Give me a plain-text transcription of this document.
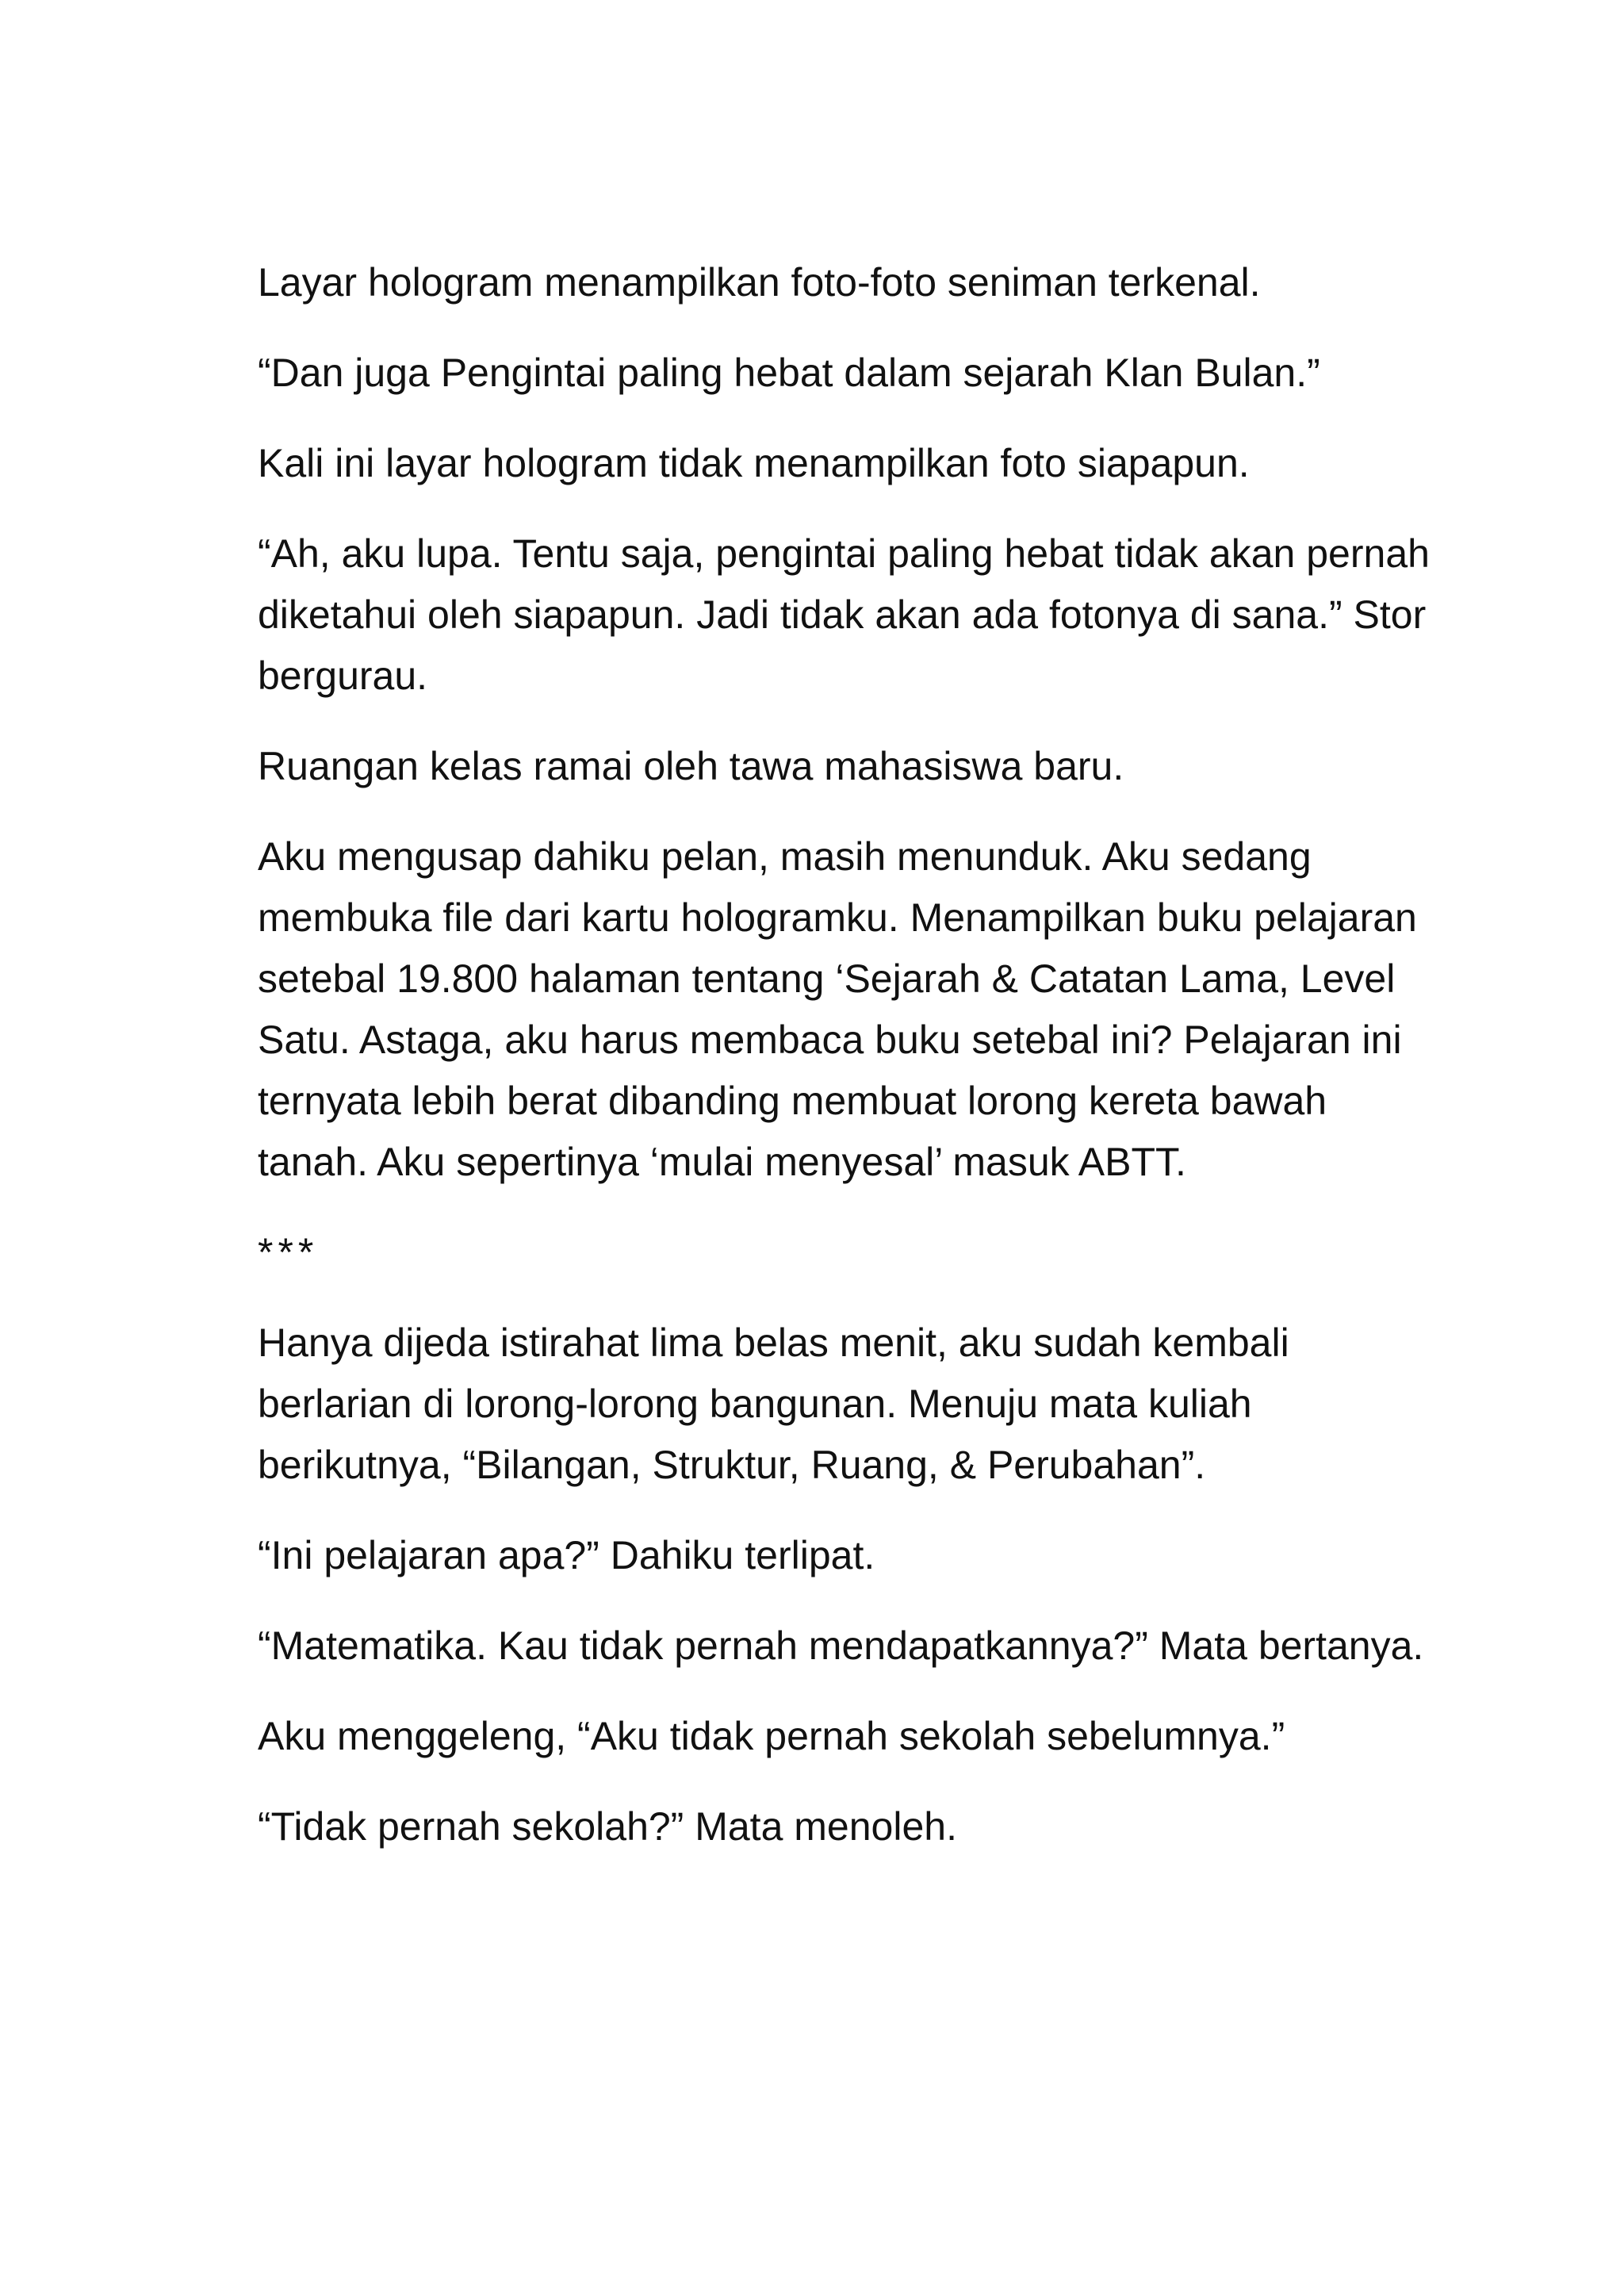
Layar hologram menampilkan foto-foto seniman terkenal.

“Dan juga Pengintai paling hebat dalam sejarah Klan Bulan.”

Kali ini layar hologram tidak menampilkan foto siapapun.

“Ah, aku lupa. Tentu saja, pengintai paling hebat tidak akan pernah diketahui oleh siapapun. Jadi tidak akan ada fotonya di sana.” Stor bergurau.

Ruangan kelas ramai oleh tawa mahasiswa baru.

Aku mengusap dahiku pelan, masih menunduk. Aku sedang membuka file dari kartu hologramku. Menampilkan buku pelajaran setebal 19.800 halaman tentang ‘Sejarah & Catatan Lama, Level Satu. Astaga, aku harus membaca buku setebal ini? Pelajaran ini ternyata lebih berat dibanding membuat lorong kereta bawah tanah. Aku sepertinya ‘mulai menyesal’ masuk ABTT.

***

Hanya dijeda istirahat lima belas menit, aku sudah kembali berlarian di lorong-lorong bangunan. Menuju mata kuliah berikutnya, “Bilangan, Struktur, Ruang, & Perubahan”.

“Ini pelajaran apa?” Dahiku terlipat.

“Matematika. Kau tidak pernah mendapatkannya?” Mata bertanya.

Aku menggeleng, “Aku tidak pernah sekolah sebelumnya.”

“Tidak pernah sekolah?” Mata menoleh.
